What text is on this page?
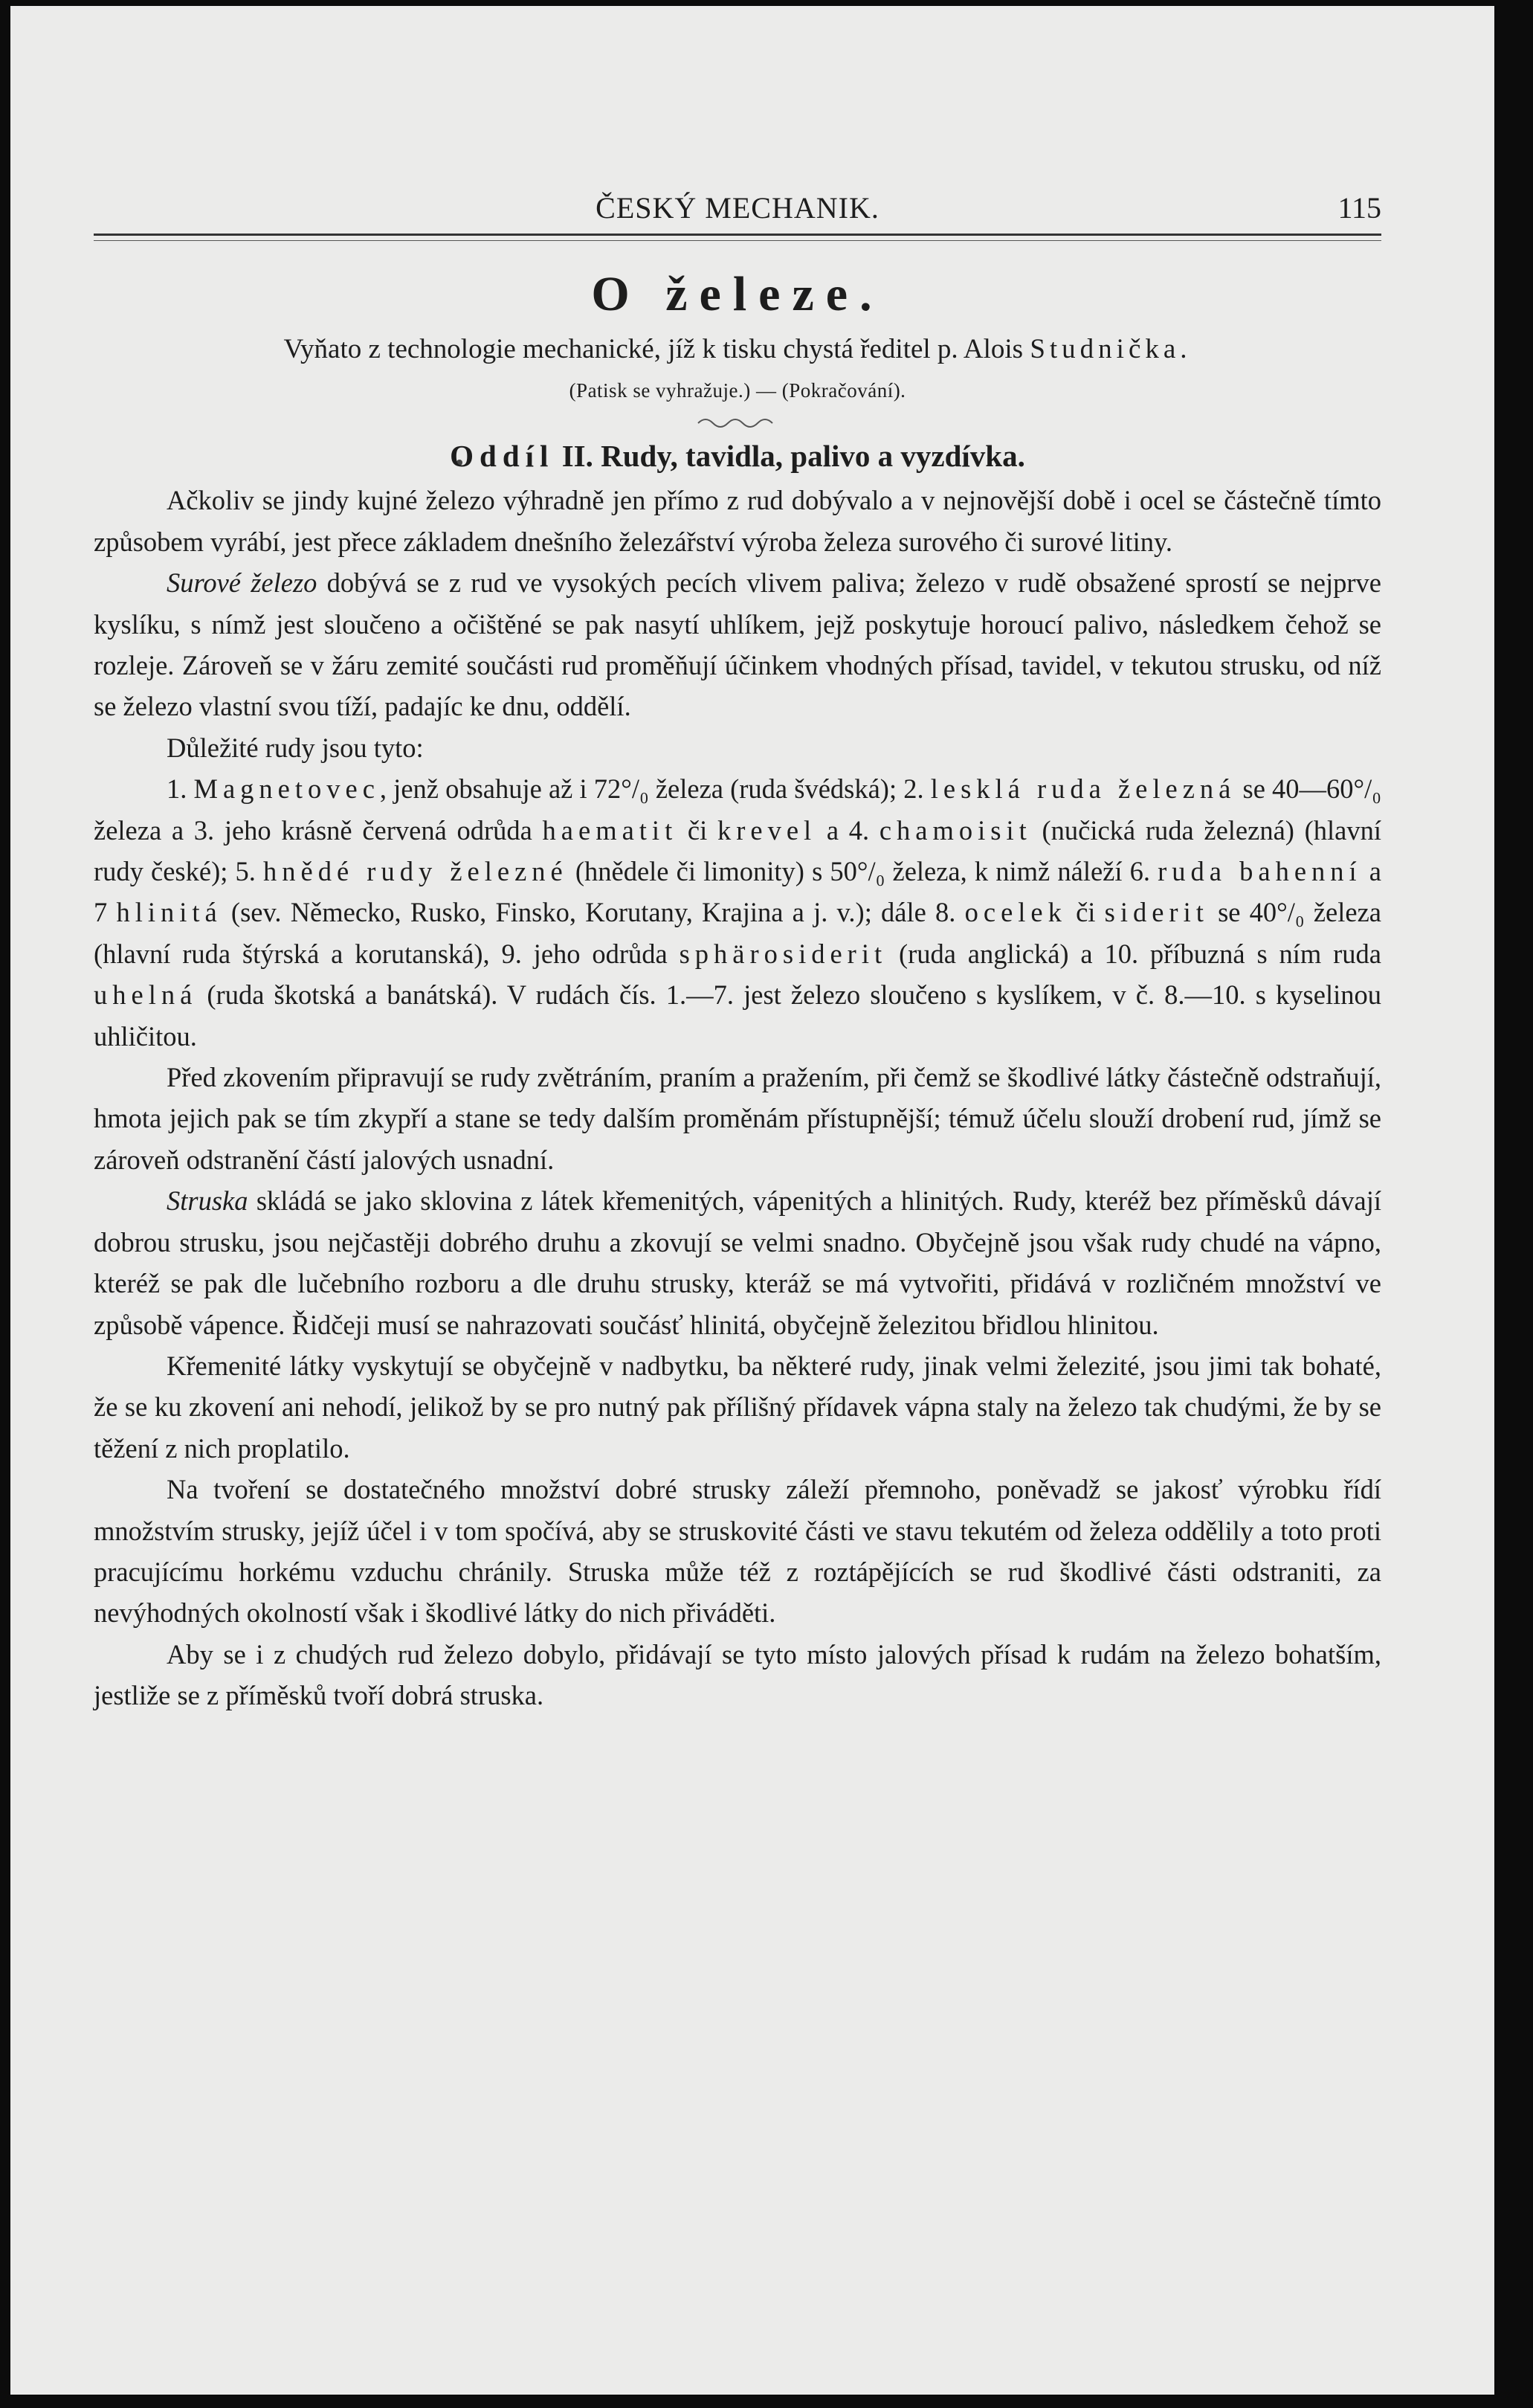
ČESKÝ MECHANIK.	115
O železe.
Vyňato z technologie mechanické, jíž k tisku chystá ředitel p. Alois Studnička.
(Patisk se vyhražuje.) — (Pokračování).
Oddíl II. Rudy, tavidla, palivo a vyzdívka.

Ačkoliv se jindy kujné železo výhradně jen přímo z rud dobývalo a v nejnovější době i ocel se částečně tímto způsobem vyrábí, jest přece základem dnešního železářství výroba železa surového či surové litiny.

Surové železo dobývá se z rud ve vysokých pecích vlivem paliva; železo v rudě obsažené sprostí se nejprve kyslíku, s nímž jest sloučeno a očištěné se pak nasytí uhlíkem, jejž poskytuje horoucí palivo, následkem čehož se rozleje. Zároveň se v žáru zemité součásti rud proměňují účinkem vhodných přísad, tavidel, v tekutou strusku, od níž se železo vlastní svou tíží, padajíc ke dnu, oddělí.

Důležité rudy jsou tyto:

1. Magnetovec, jenž obsahuje až i 72°/₀ železa (ruda švédská); 2. lesklá ruda železná se 40—60°/₀ železa a 3. jeho krásně červená odrůda haematit či krevel a 4. chamoisit (nučická ruda železná) (hlavní rudy české); 5. hnědé rudy železné (hnědele či limonity) s 50°/₀ železa, k nimž náleží 6. ruda bahenní a 7 hlinitá (sev. Německo, Rusko, Finsko, Korutany, Krajina a j. v.); dále 8. ocelek či siderit se 40°/₀ železa (hlavní ruda štýrská a korutanská), 9. jeho odrůda sphärosiderit (ruda anglická) a 10. příbuzná s ním ruda uhelná (ruda škotská a banátská). V rudách čís. 1.—7. jest železo sloučeno s kyslíkem, v č. 8.—10. s kyselinou uhličitou.

Před zkovením připravují se rudy zvětráním, praním a pražením, při čemž se škodlivé látky částečně odstraňují, hmota jejich pak se tím zkypří a stane se tedy dalším proměnám přístupnější; témuž účelu slouží drobení rud, jímž se zároveň odstranění částí jalových usnadní.

Struska skládá se jako sklovina z látek křemenitých, vápenitých a hlinitých. Rudy, kteréž bez příměsků dávají dobrou strusku, jsou nejčastěji dobrého druhu a zkovují se velmi snadno. Obyčejně jsou však rudy chudé na vápno, kteréž se pak dle lučebního rozboru a dle druhu strusky, kteráž se má vytvořiti, přidává v rozličném množství ve způsobě vápence. Řidčeji musí se nahrazovati součásť hlinitá, obyčejně železitou břidlou hlinitou.

Křemenité látky vyskytují se obyčejně v nadbytku, ba některé rudy, jinak velmi železité, jsou jimi tak bohaté, že se ku zkovení ani nehodí, jelikož by se pro nutný pak přílišný přídavek vápna staly na železo tak chudými, že by se těžení z nich proplatilo.

Na tvoření se dostatečného množství dobré strusky záleží přemnoho, poněvadž se jakosť výrobku řídí množstvím strusky, jejíž účel i v tom spočívá, aby se struskovité části ve stavu tekutém od železa oddělily a toto proti pracujícímu horkému vzduchu chránily. Struska může též z roztápějících se rud škodlivé části odstraniti, za nevýhodných okolností však i škodlivé látky do nich přiváděti.

Aby se i z chudých rud železo dobylo, přidávají se tyto místo jalových přísad k rudám na železo bohatším, jestliže se z příměsků tvoří dobrá struska.
